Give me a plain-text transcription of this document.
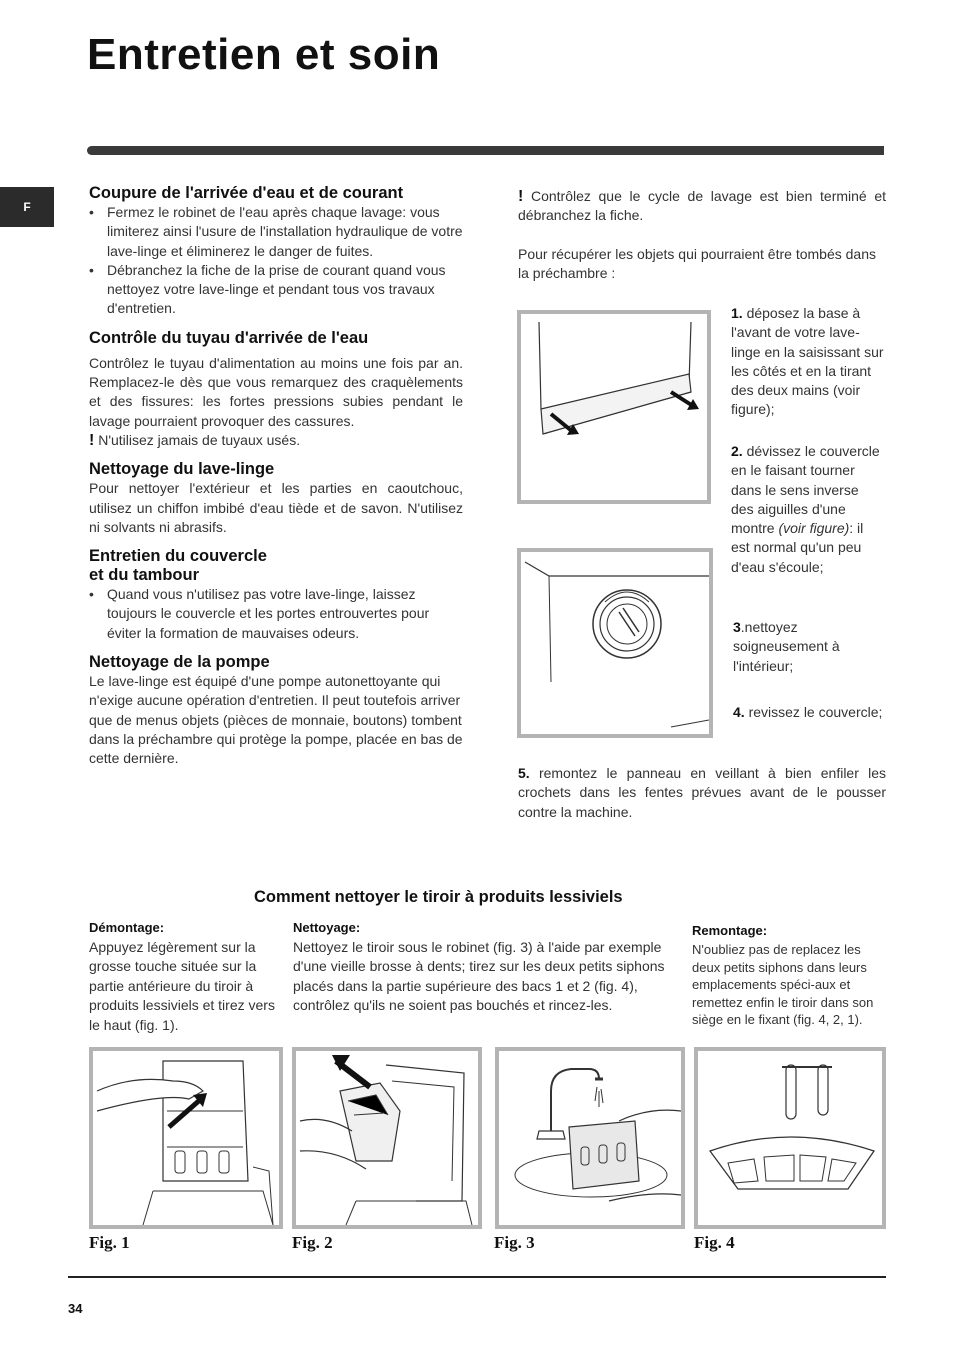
Entretien et soin
F
Coupure de l'arrivée d'eau et de courant
• Fermez le robinet de l'eau après chaque lavage: vous limiterez ainsi l'usure de l'installation hydraulique de votre lave-linge et éliminerez le danger de fuites.
• Débranchez la fiche de la prise de courant quand vous nettoyez votre lave-linge et pendant tous vos travaux d'entretien.
Contrôle du tuyau d'arrivée de l'eau

Contrôlez le tuyau d'alimentation au moins une fois par an. Remplacez-le dès que vous remarquez des craquèlements et des fissures: les fortes pressions subies pendant le lavage pourraient provoquer des cassures.

! N'utilisez jamais de tuyaux usés.

Nettoyage du lave-linge

Pour nettoyer l'extérieur et les parties en caoutchouc, utilisez un chiffon imbibé d'eau tiède et de savon. N'utilisez ni solvants ni abrasifs.

Entretien du couvercle
et du tambour
• Quand vous n'utilisez pas votre lave-linge, laissez toujours le couvercle et les portes entrouvertes pour éviter la formation de mauvaises odeurs.
Nettoyage de la pompe

Le lave-linge est équipé d'une pompe autonettoyante qui n'exige aucune opération d'entretien. Il peut toutefois arriver que de menus objets (pièces de monnaie, boutons) tombent dans la préchambre qui protège la pompe, placée en bas de cette dernière.

! Contrôlez que le cycle de lavage est bien terminé et débranchez la fiche.

Pour récupérer les objets qui pourraient être tombés dans la préchambre :

1. déposez la base à l'avant de votre lave-linge en la saisissant sur les côtés et en la tirant des deux mains (voir figure);
2. dévissez le couvercle en le faisant tourner dans le sens inverse des aiguilles d'une montre (voir figure): il est normal qu'un peu d'eau s'écoule;
3.nettoyez soigneusement à l'intérieur;
4. revissez le couvercle;
5. remontez le panneau en veillant à bien enfiler les crochets dans les fentes prévues avant de le pousser contre la machine.
Comment nettoyer le tiroir à produits lessiviels
Démontage:

Appuyez légèrement sur la grosse touche située sur la partie antérieure du tiroir à produits lessiviels et tirez vers le haut (fig. 1).

Nettoyage:

Nettoyez le tiroir sous le robinet (fig. 3) à l'aide par exemple d'une vieille brosse à dents; tirez sur les deux petits siphons placés dans la partie supérieure des bacs 1 et 2 (fig. 4), contrôlez qu'ils ne soient pas bouchés et rincez-les.

Remontage:

N'oubliez pas de replacez les deux petits siphons dans leurs emplacements spéci-aux et remettez enfin le tiroir dans son siège en le fixant (fig. 4, 2, 1).

Fig. 1	Fig. 2	Fig. 3	Fig. 4
34
